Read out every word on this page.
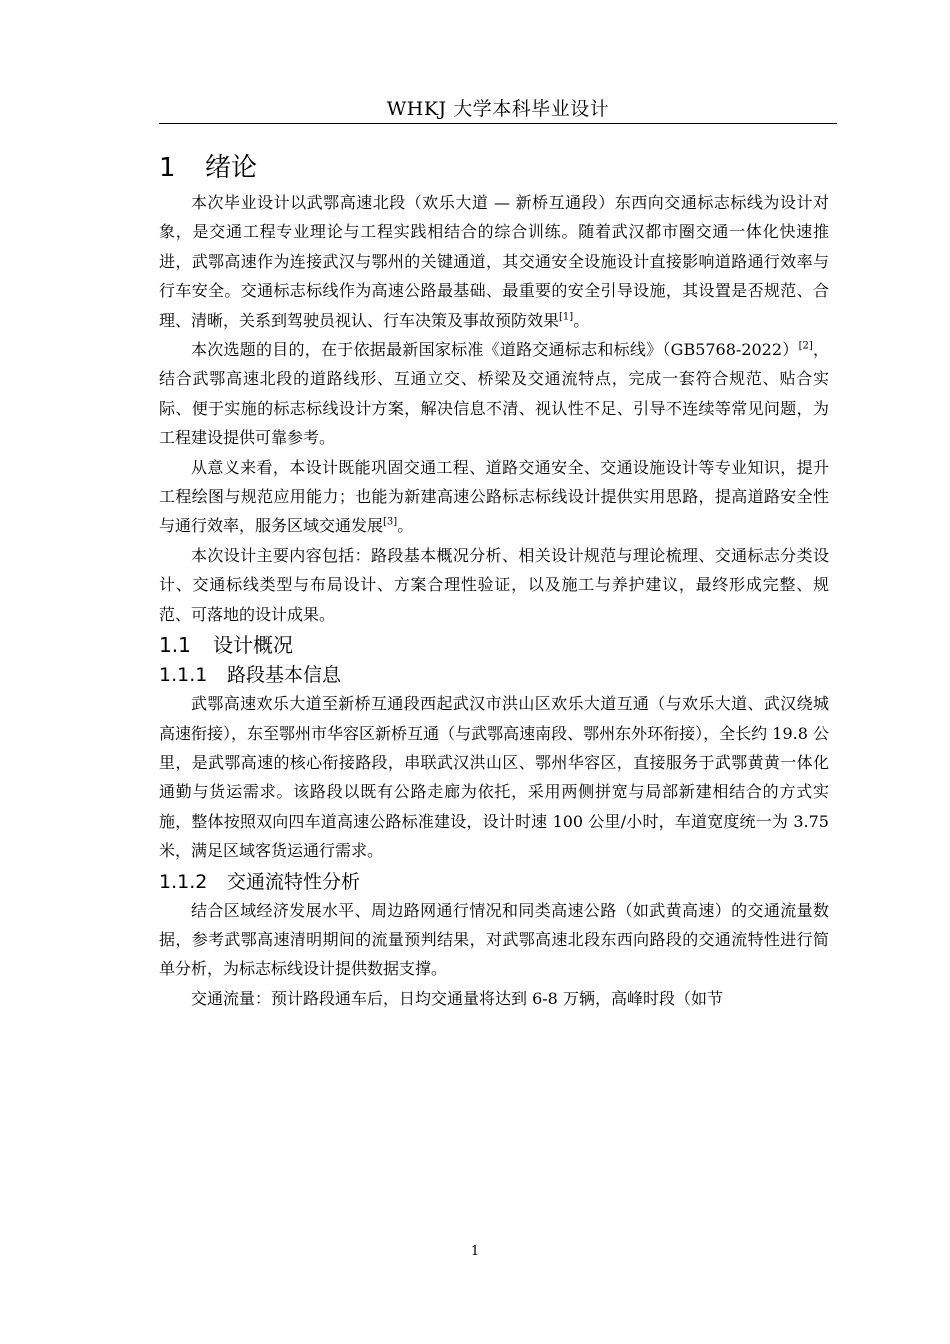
WHKJ 大学本科毕业设计
1 绪论

本次毕业设计以武鄂高速北段（欢乐大道 — 新桥互通段）东西向交通标志标线为设计对象，是交通工程专业理论与工程实践相结合的综合训练。随着武汉都市圈交通一体化快速推进，武鄂高速作为连接武汉与鄂州的关键通道，其交通安全设施设计直接影响道路通行效率与行车安全。交通标志标线作为高速公路最基础、最重要的安全引导设施，其设置是否规范、合理、清晰，关系到驾驶员视认、行车决策及事故预防效果[1]。

本次选题的目的，在于依据最新国家标准《道路交通标志和标线》（GB5768-2022）[2]，结合武鄂高速北段的道路线形、互通立交、桥梁及交通流特点，完成一套符合规范、贴合实际、便于实施的标志标线设计方案，解决信息不清、视认性不足、引导不连续等常见问题，为工程建设提供可靠参考。

从意义来看，本设计既能巩固交通工程、道路交通安全、交通设施设计等专业知识，提升工程绘图与规范应用能力；也能为新建高速公路标志标线设计提供实用思路，提高道路安全性与通行效率，服务区域交通发展[3]。

本次设计主要内容包括：路段基本概况分析、相关设计规范与理论梳理、交通标志分类设计、交通标线类型与布局设计、方案合理性验证，以及施工与养护建议，最终形成完整、规范、可落地的设计成果。

1.1 设计概况
1.1.1 路段基本信息

武鄂高速欢乐大道至新桥互通段西起武汉市洪山区欢乐大道互通（与欢乐大道、武汉绕城高速衔接），东至鄂州市华容区新桥互通（与武鄂高速南段、鄂州东外环衔接），全长约 19.8 公里，是武鄂高速的核心衔接路段，串联武汉洪山区、鄂州华容区，直接服务于武鄂黄黄一体化通勤与货运需求。该路段以既有公路走廊为依托，采用两侧拼宽与局部新建相结合的方式实施，整体按照双向四车道高速公路标准建设，设计时速 100 公里/小时，车道宽度统一为 3.75 米，满足区域客货运通行需求。

1.1.2 交通流特性分析

结合区域经济发展水平、周边路网通行情况和同类高速公路（如武黄高速）的交通流量数据，参考武鄂高速清明期间的流量预判结果，对武鄂高速北段东西向路段的交通流特性进行简单分析，为标志标线设计提供数据支撑。

交通流量：预计路段通车后，日均交通量将达到 6-8 万辆，高峰时段（如节

1
